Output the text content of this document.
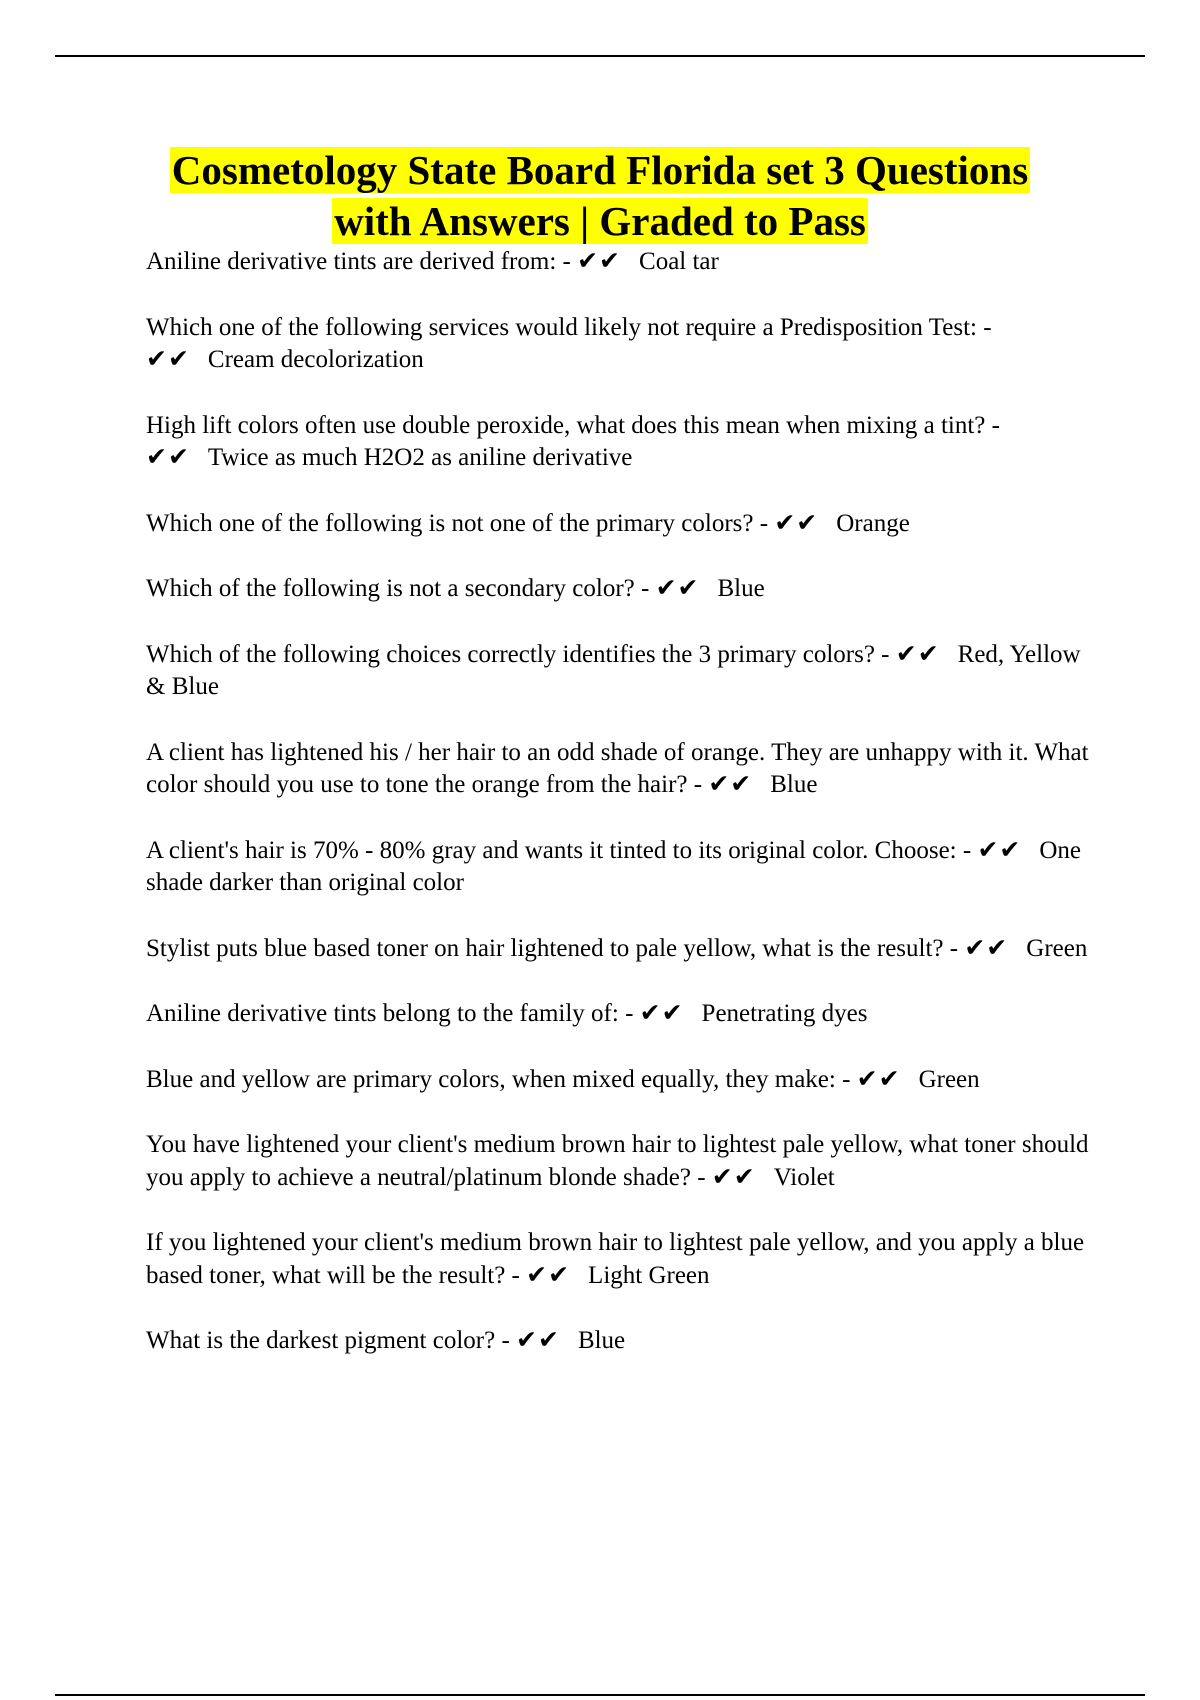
Cosmetology State Board Florida set 3 Questions
with Answers | Graded to Pass
Aniline derivative tints are derived from: - ✔✔ Coal tar
Which one of the following services would likely not require a Predisposition Test: - ✔✔ Cream decolorization
High lift colors often use double peroxide, what does this mean when mixing a tint? - ✔✔ Twice as much H2O2 as aniline derivative
Which one of the following is not one of the primary colors? - ✔✔ Orange
Which of the following is not a secondary color? - ✔✔ Blue
Which of the following choices correctly identifies the 3 primary colors? - ✔✔ Red, Yellow & Blue
A client has lightened his / her hair to an odd shade of orange. They are unhappy with it. What color should you use to tone the orange from the hair? - ✔✔ Blue
A client's hair is 70% - 80% gray and wants it tinted to its original color. Choose: - ✔✔ One shade darker than original color
Stylist puts blue based toner on hair lightened to pale yellow, what is the result? - ✔✔ Green
Aniline derivative tints belong to the family of: - ✔✔ Penetrating dyes
Blue and yellow are primary colors, when mixed equally, they make: - ✔✔ Green
You have lightened your client's medium brown hair to lightest pale yellow, what toner should you apply to achieve a neutral/platinum blonde shade? - ✔✔ Violet
If you lightened your client's medium brown hair to lightest pale yellow, and you apply a blue based toner, what will be the result? - ✔✔ Light Green
What is the darkest pigment color? - ✔✔ Blue
